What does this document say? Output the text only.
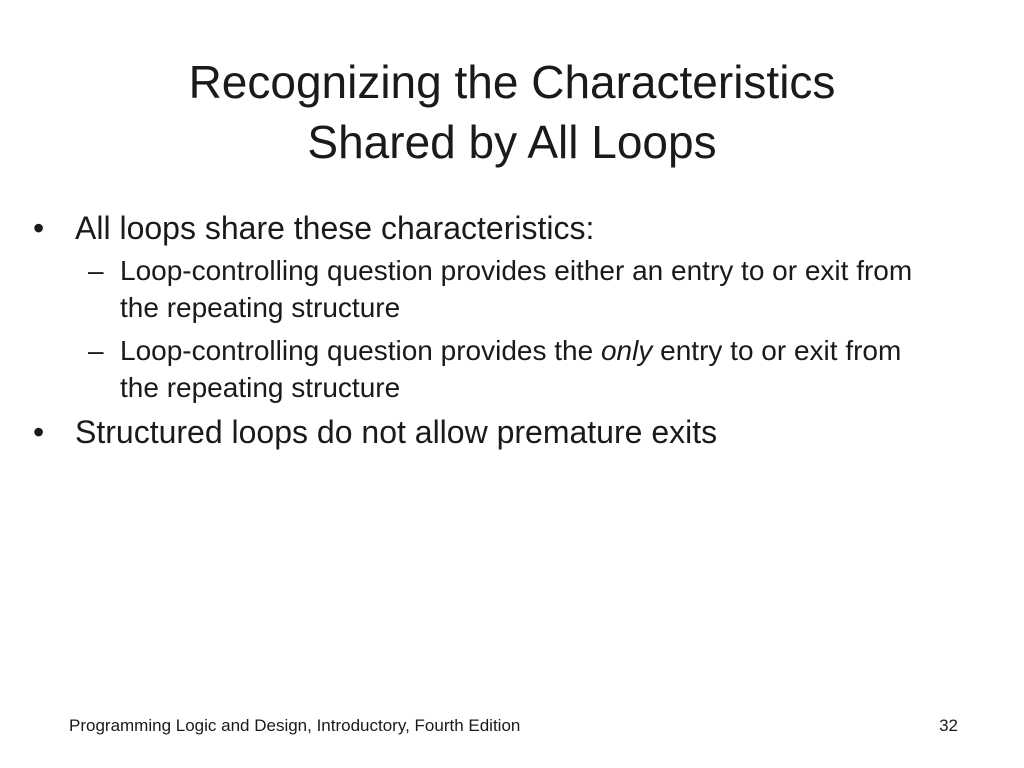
Recognizing the Characteristics
Shared by All Loops
• All loops share these characteristics:
– Loop-controlling question provides either an entry to or exit from the repeating structure
– Loop-controlling question provides the only entry to or exit from the repeating structure
• Structured loops do not allow premature exits
Programming Logic and Design, Introductory, Fourth Edition	32
